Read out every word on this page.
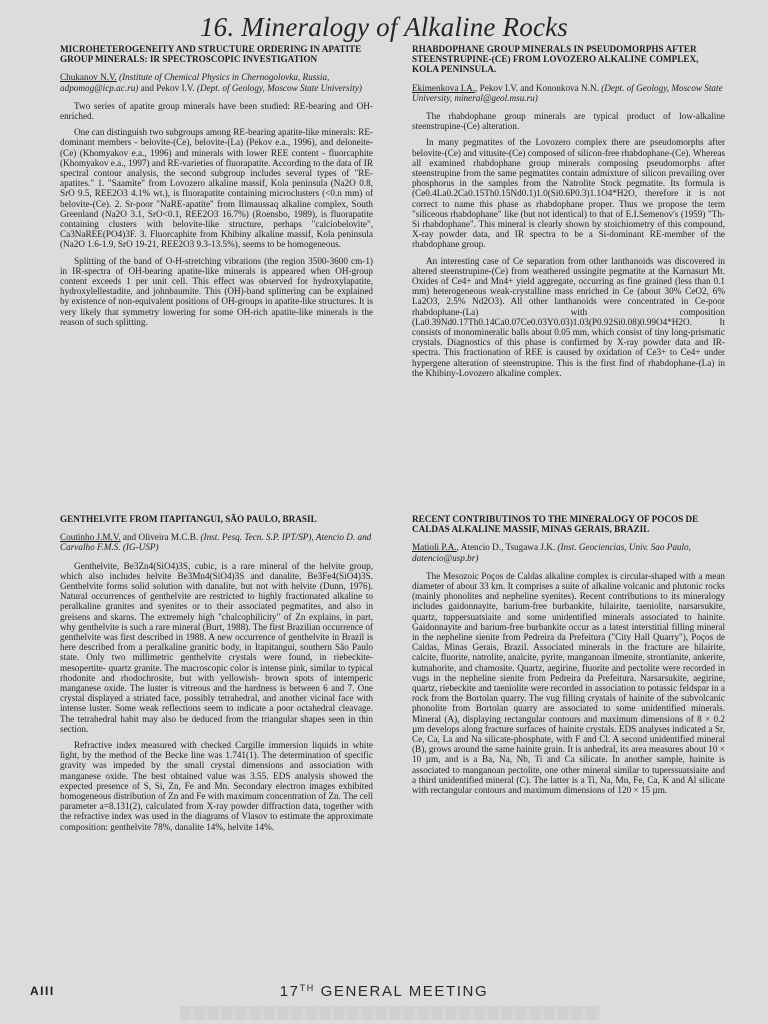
16. Mineralogy of Alkaline Rocks
MICROHETEROGENEITY AND STRUCTURE ORDERING IN APATITE GROUP MINERALS: IR SPECTROSCOPIC INVESTIGATION
Chukanov N.V. (Institute of Chemical Physics in Chernogolovka, Russia, adpomog@icp.ac.ru) and Pekov I.V. (Dept. of Geology, Moscow State University)

Two series of apatite group minerals have been studied: RE-bearing and OH-enriched.

One can distinguish two subgroups among RE-bearing apatite-like minerals: RE-dominant members - belovite-(Ce), belovite-(La) (Pekov e.a., 1996), and deloneite-(Ce) (Khomyakov e.a., 1996) and minerals with lower REE content - fluorcaphite (Khomyakov e.a., 1997) and RE-varieties of fluorapatite. According to the data of IR spectral contour analysis, the second subgroup includes several types of "RE-apatites." 1. "Saamite" from Lovozero alkaline massif, Kola peninsula (Na2O 0.8, SrO 9.5, REE2O3 4.1% wt.), is fluorapatite containing microclusters (<0.n mm) of belovite-(Ce). 2. Sr-poor "NaRE-apatite" from Ilimaussaq alkaline complex, South Greenland (Na2O 3.1, SrO<0.1, REE2O3 16.7%) (Roensbo, 1989), is fluorapatite containing clusters with belovite-like structure, perhaps "calciobelovite", Ca3NaREE(PO4)3F. 3. Fluorcaphite from Khibiny alkaline massif, Kola peninsula (Na2O 1.6-1.9, SrO 19-21, REE2O3 9.3-13.5%), seems to be homogeneous.

Splitting of the band of O-H-stretching vibrations (the region 3500-3600 cm-1) in IR-spectra of OH-bearing apatite-like minerals is appeared when OH-group content exceeds 1 per unit cell. This effect was observed for hydroxylapatite, hydroxylellestadite, and johnbaumite. This (OH)-band splittering can be explained by existence of non-equivalent positions of OH-groups in apatite-like structures. It is very likely that symmetry lowering for some OH-rich apatite-like minerals is the reason of such splitting.

RHABDOPHANE GROUP MINERALS IN PSEUDOMORPHS AFTER STEENSTRUPINE-(CE) FROM LOVOZERO ALKALINE COMPLEX, KOLA PENINSULA.
Ekimenkova I.A., Pekov I.V. and Kononkova N.N. (Dept. of Geology, Moscow State University, mineral@geol.msu.ru)

The rhabdophane group minerals are typical product of low-alkaline steenstrupine-(Ce) alteration.

In many pegmatites of the Lovozero complex there are pseudomorphs after belovite-(Ce) and vitusite-(Ce) composed of silicon-free rhabdophane-(Ce). Whereas all examined rhabdophane group minerals composing pseudomorphs after steenstrupine from the same pegmatites contain admixture of silicon prevailing over phosphorus in the samples from the Natrolite Stock pegmatite. Its formula is (Ce0.4La0.2Ca0.15Th0.15Nd0.1)1.0(Si0.6P0.3)1.1O4*H2O, therefore it is not correct to name this phase as rhabdophane proper. Thus we propose the term "siliceous rhabdophane" like (but not identical) to that of E.I.Semenov's (1959) "Th-Si rhabdophane". This mineral is clearly shown by stoichiometry of this compound, X-ray powder data, and IR spectra to be a Si-dominant RE-member of the rhabdophane group.

An interesting case of Ce separation from other lanthanoids was discovered in altered steenstrupine-(Ce) from weathered ussingite pegmatite at the Karnasurt Mt. Oxides of Ce4+ and Mn4+ yield aggregate, occurring as fine grained (less than 0.1 mm) heterogeneous weak-crystalline mass enriched in Ce (about 30% CeO2, 6% La2O3, 2.5% Nd2O3). All other lanthanoids were concentrated in Ce-poor rhabdophane-(La) with composition (La0.39Nd0.17Th0.14Ca0.07Ce0.03Y0.03)1.03(P0.92Si0.08)0.99O4*H2O. It consists of monomineralic balls about 0.05 mm, which consist of tiny long-prismatic crystals. Diagnostics of this phase is confirmed by X-ray powder data and IR-spectra. This fractionation of REE is caused by oxidation of Ce3+ to Ce4+ under hypergene alteration of steenstrupine. This is the first find of rhabdophane-(La) in the Khibiny-Lovozero alkaline complex.

GENTHELVITE FROM ITAPITANGUI, SÃO PAULO, BRASIL
Coutinho J.M.V. and Oliveira M.C.B. (Inst. Pesq. Tecn. S.P. IPT/SP), Atencio D. and Carvalho F.M.S. (IG-USP)

Genthelvite, Be3Zn4(SiO4)3S, cubic, is a rare mineral of the helvite group, which also includes helvite Be3Mn4(SiO4)3S and danalite, Be3Fe4(SiO4)3S. Genthelvite forms solid solution with danalite, but not with helvite (Dunn, 1976). Natural occurrences of genthelvite are restricted to highly fractionated alkaline to peralkaline granites and syenites or to their associated pegmatites, and also in greisens and skarns. The extremely high "chalcophilicity" of Zn explains, in part, why genthelvite is such a rare mineral (Burt, 1988). The first Brazilian occurrence of genthelvite was first described in 1988. A new occurrence of genthelvite in Brazil is here described from a peralkaline granitic body, in Itapitangui, southern São Paulo state. Only two millimetric genthelvite crystals were found, in riebeckite- mesopertite- quartz granite. The macroscopic color is intense pink, similar to typical rhodonite and rhodochrosite, but with yellowish- brown spots of intemperic manganese oxide. The luster is vitreous and the hardness is between 6 and 7. One crystal displayed a striated face, possibly tetrahedral, and another vicinal face with intense luster. Some weak reflections seem to indicate a poor octahedral cleavage. The tetrahedral habit may also be deduced from the triangular shapes seen in thin section.

Refractive index measured with checked Cargille immersion liquids in white light, by the method of the Becke line was 1.741(1). The determination of specific gravity was impeded by the small crystal dimensions and association with manganese oxide. The best obtained value was 3.55. EDS analysis showed the expected presence of S, Si, Zn, Fe and Mn. Secondary electron images exhibited homogeneous distribution of Zn and Fe with maximum concentration of Zn. The cell parameter a=8.131(2), calculated from X-ray powder diffraction data, together with the refractive index was used in the diagrams of Vlasov to estimate the approximate composition: genthelvite 78%, danalite 14%, helvite 14%.

RECENT CONTRIBUTINOS TO THE MINERALOGY OF POCOS DE CALDAS ALKALINE MASSIF, MINAS GERAIS, BRAZIL
Matioli P.A., Atencio D., Tsugawa J.K. (Inst. Geociencias, Univ. Sao Paulo, datencio@usp.br)

The Mesozoic Poços de Caldas alkaline complex is circular-shaped with a mean diameter of about 33 km. It comprises a suite of alkaline volcanic and plutonic rocks (mainly phonolites and nepheline syenites). Recent contributions to its mineralogy includes gaidonnayite, barium-free burbankite, hilairite, taeniolite, narsarsukite, quartz, tuppersuatsiaite and some unidentified minerals associated to hainite. Gaidonnayite and barium-free burbankite occur as a latest interstitial filling mineral in the nepheline sienite from Pedreira da Prefeitura ("City Hall Quarry"), Poços de Caldas, Minas Gerais, Brazil. Associated minerals in the fracture are hilairite, calcite, fluorite, natrolite, analcite, pyrite, manganoan ilmenite, strontianite, ankerite, kutnahorite, and chamosite. Quartz, aegirine, fluorite and pectolite were recorded in vugs in the nepheline sienite from Pedreira da Prefeitura. Narsarsukite, aegirine, quartz, riebeckite and taeniolite were recorded in association to potassic feldspar in a rock from the Bortolan quarry. The vug filling crystals of hainite of the subvolcanic phonolite from Bortolan quarry are associated to some unidentified minerals. Mineral (A), displaying rectangular contours and maximum dimensions of 8 × 0.2 µm develops along fracture surfaces of hainite crystals. EDS analyses indicated a Sr, Ce, Ca, La and Na silicate-phosphate, with F and Cl. A second unidentified mineral (B), grows around the same hainite grain. It is anhedral, its area measures about 10 × 10 µm, and is a Ba, Na, Nb, Ti and Ca silicate. In another sample, hainite is associated to manganoan pectolite, one other mineral similar to tuperssuatsiaite and a third unidentified mineral (C). The latter is a Ti, Na, Mn, Fe, Ca, K and Al silicate with rectangular contours and maximum dimensions of 120 × 15 µm.

AIII	17TH GENERAL MEETING
